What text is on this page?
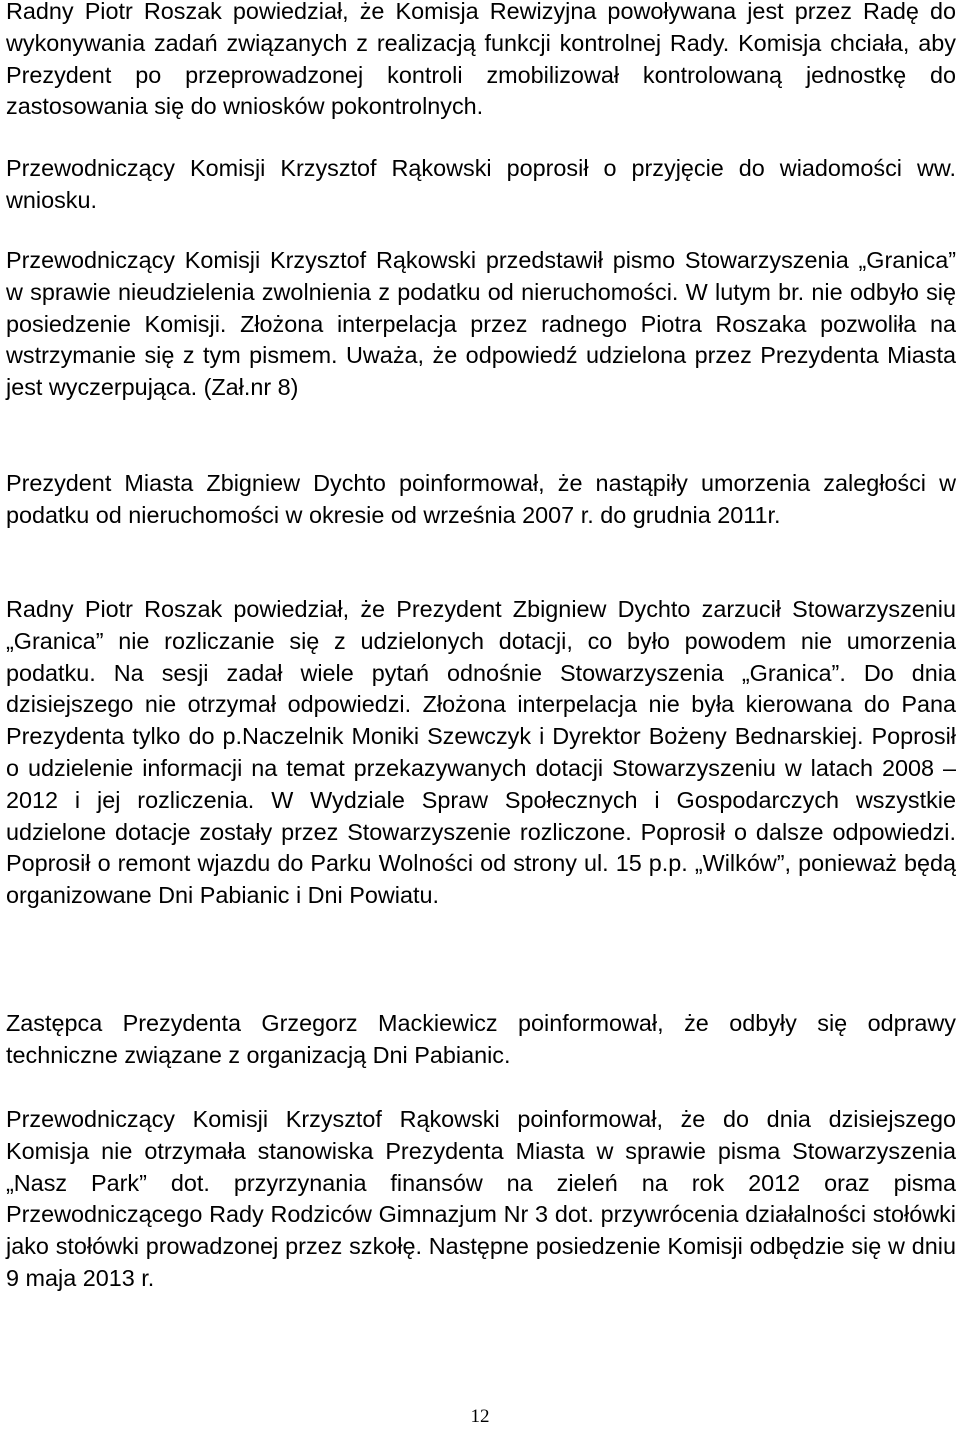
Radny Piotr Roszak powiedział, że Komisja Rewizyjna powoływana jest przez Radę do wykonywania zadań związanych z realizacją funkcji kontrolnej Rady. Komisja chciała, aby Prezydent po przeprowadzonej kontroli zmobilizował kontrolowaną jednostkę do zastosowania się do wniosków pokontrolnych.

Przewodniczący Komisji Krzysztof Rąkowski poprosił o przyjęcie do wiadomości ww. wniosku.

Przewodniczący Komisji Krzysztof Rąkowski przedstawił pismo Stowarzyszenia „Granica” w sprawie nieudzielenia zwolnienia z podatku od nieruchomości. W lutym br. nie odbyło się posiedzenie Komisji. Złożona interpelacja przez radnego Piotra Roszaka pozwoliła na wstrzymanie się z tym pismem. Uważa, że odpowiedź udzielona przez Prezydenta Miasta jest wyczerpująca. (Zał.nr 8)

Prezydent Miasta Zbigniew Dychto poinformował, że nastąpiły umorzenia zaległości w podatku od nieruchomości w okresie od września 2007 r. do grudnia 2011r.

Radny Piotr Roszak powiedział, że Prezydent Zbigniew Dychto zarzucił Stowarzyszeniu „Granica” nie rozliczanie się z udzielonych dotacji, co było powodem nie umorzenia podatku. Na sesji zadał wiele pytań odnośnie Stowarzyszenia „Granica”. Do dnia dzisiejszego nie otrzymał odpowiedzi. Złożona interpelacja nie była kierowana do Pana Prezydenta tylko do p.Naczelnik Moniki Szewczyk i Dyrektor Bożeny Bednarskiej. Poprosił o udzielenie informacji na temat przekazywanych dotacji Stowarzyszeniu w latach 2008 – 2012 i jej rozliczenia. W Wydziale Spraw Społecznych i Gospodarczych wszystkie udzielone dotacje zostały przez Stowarzyszenie rozliczone. Poprosił o dalsze odpowiedzi. Poprosił o remont wjazdu do Parku Wolności od strony ul. 15 p.p. „Wilków”, ponieważ będą organizowane Dni Pabianic i Dni Powiatu.

Zastępca Prezydenta Grzegorz Mackiewicz poinformował, że odbyły się odprawy techniczne związane z organizacją Dni Pabianic.

Przewodniczący Komisji Krzysztof Rąkowski poinformował, że do dnia dzisiejszego Komisja nie otrzymała stanowiska Prezydenta Miasta w sprawie pisma Stowarzyszenia „Nasz Park” dot. przyrzynania finansów na zieleń na rok 2012 oraz pisma Przewodniczącego Rady Rodziców Gimnazjum Nr 3 dot. przywrócenia działalności stołówki jako stołówki prowadzonej przez szkołę. Następne posiedzenie Komisji odbędzie się w dniu 9 maja 2013 r.

12
